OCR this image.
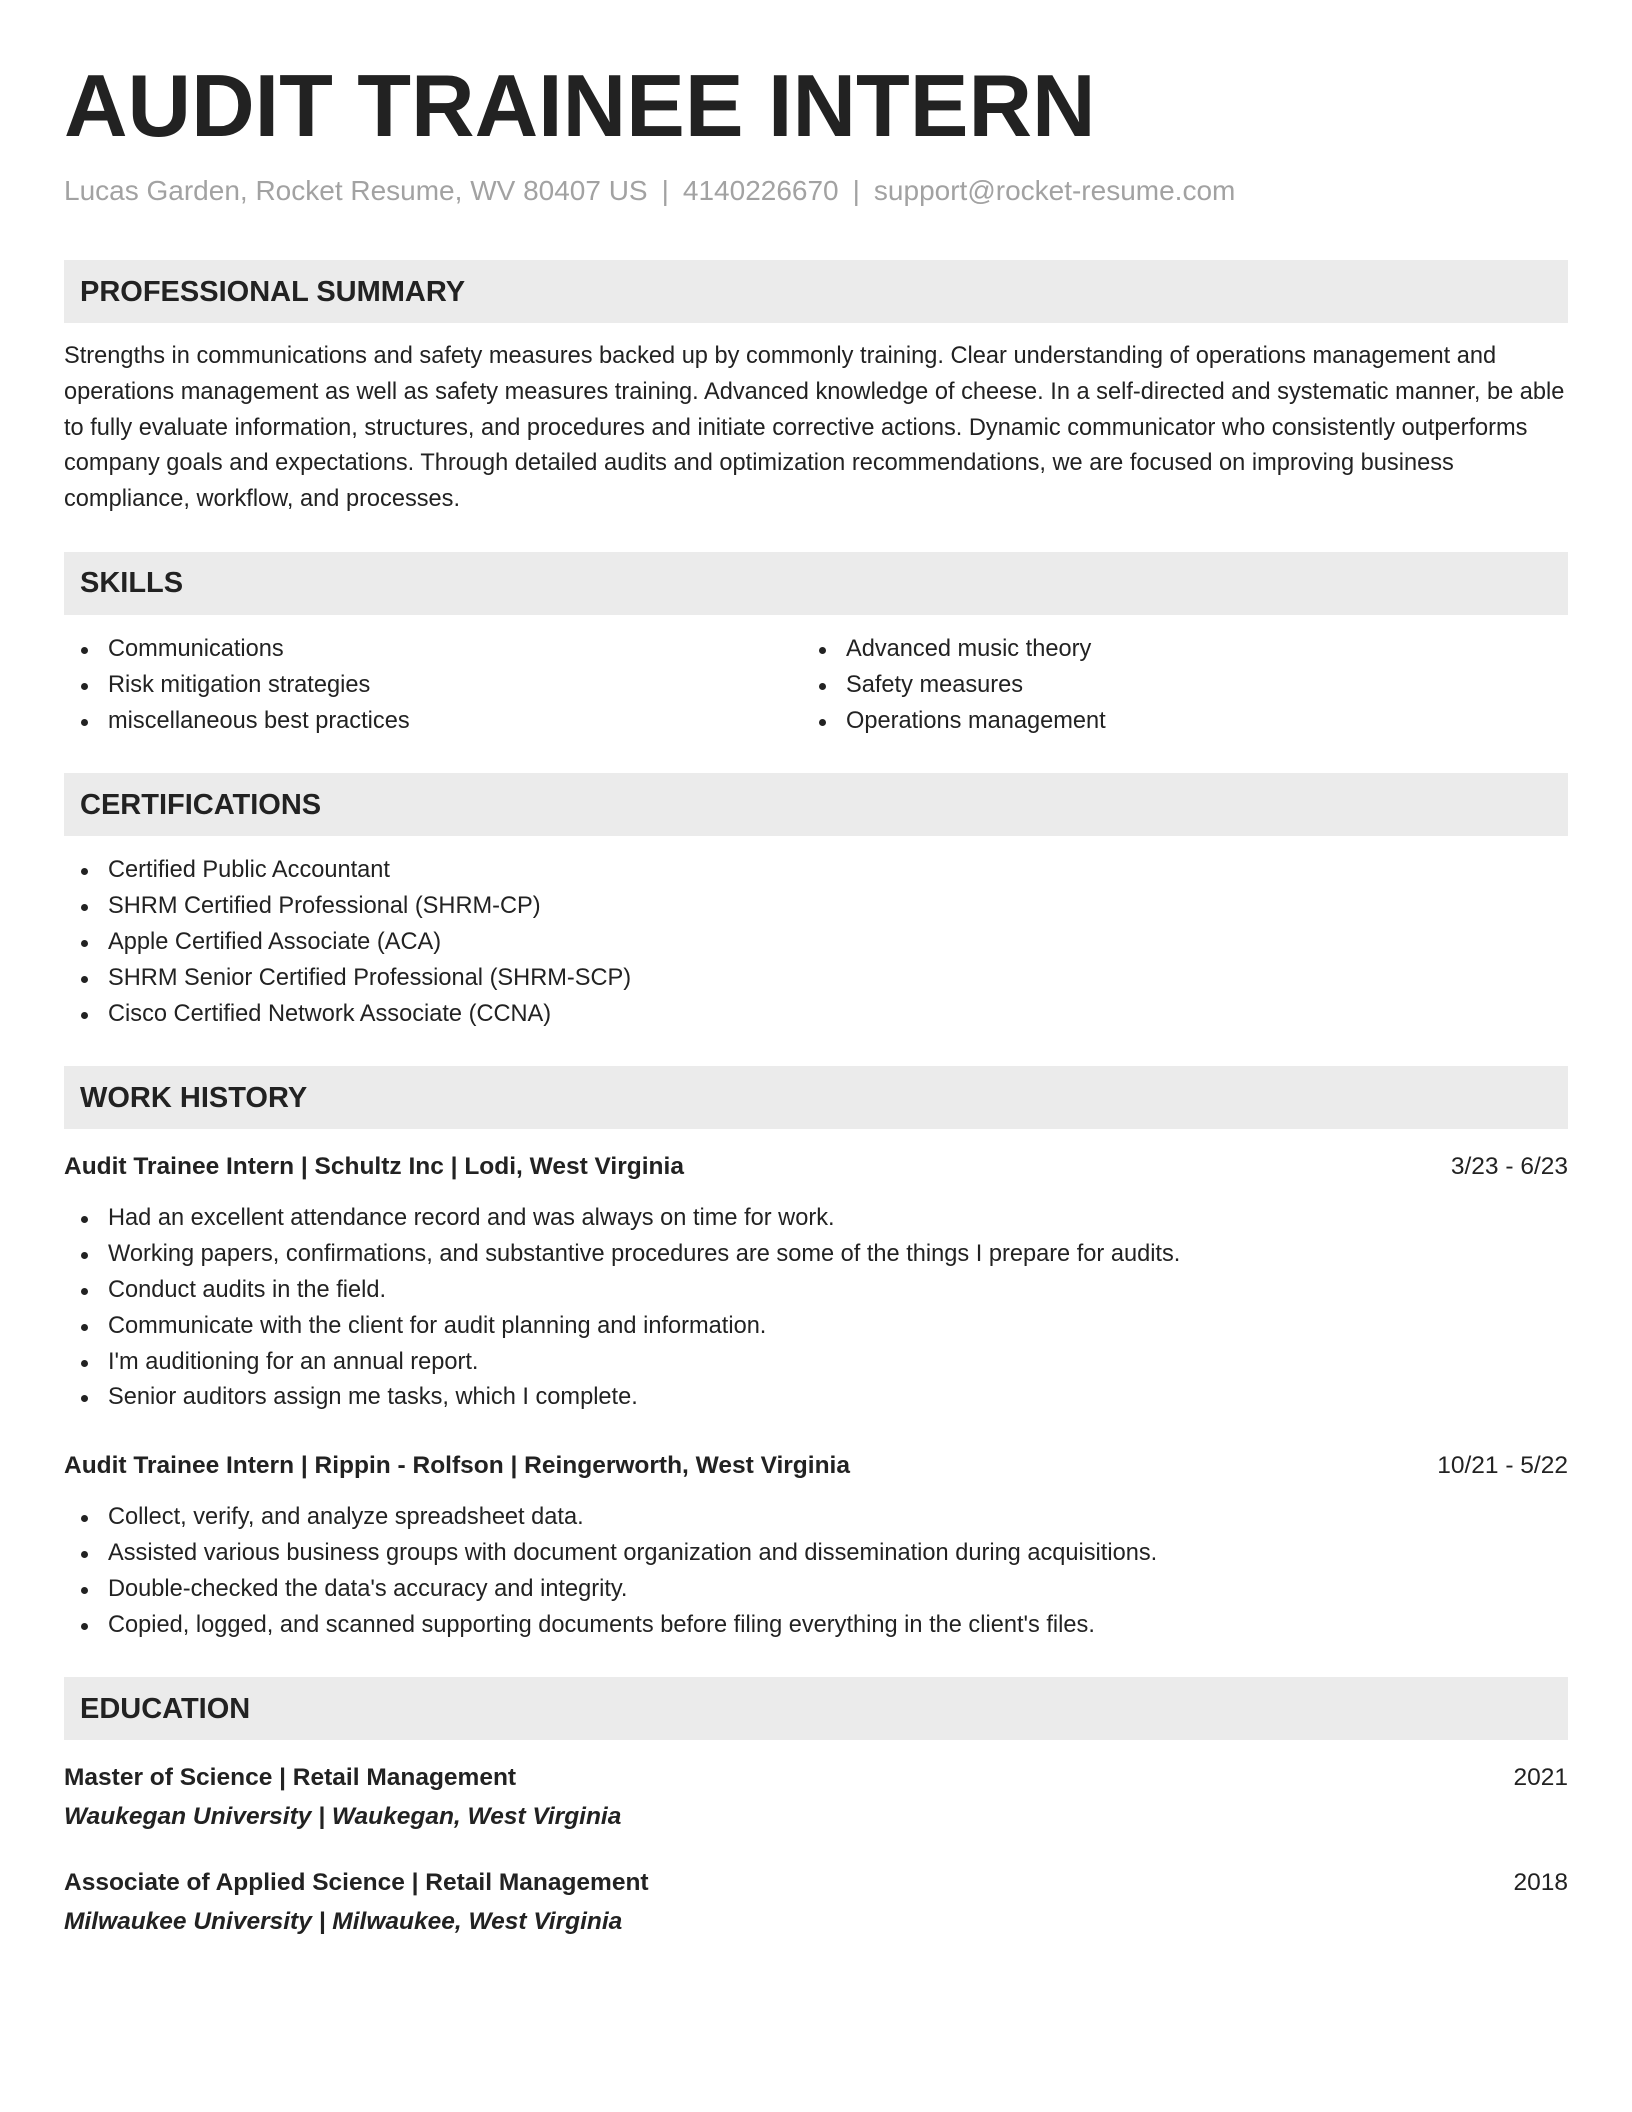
AUDIT TRAINEE INTERN
Lucas Garden, Rocket Resume, WV 80407 US | 4140226670 | support@rocket-resume.com
PROFESSIONAL SUMMARY

Strengths in communications and safety measures backed up by commonly training. Clear understanding of operations management and operations management as well as safety measures training. Advanced knowledge of cheese. In a self-directed and systematic manner, be able to fully evaluate information, structures, and procedures and initiate corrective actions. Dynamic communicator who consistently outperforms company goals and expectations. Through detailed audits and optimization recommendations, we are focused on improving business compliance, workflow, and processes.

SKILLS
Communications
Risk mitigation strategies
miscellaneous best practices
Advanced music theory
Safety measures
Operations management
CERTIFICATIONS
Certified Public Accountant
SHRM Certified Professional (SHRM-CP)
Apple Certified Associate (ACA)
SHRM Senior Certified Professional (SHRM-SCP)
Cisco Certified Network Associate (CCNA)
WORK HISTORY
Audit Trainee Intern | Schultz Inc | Lodi, West Virginia	3/23 - 6/23
Had an excellent attendance record and was always on time for work.
Working papers, confirmations, and substantive procedures are some of the things I prepare for audits.
Conduct audits in the field.
Communicate with the client for audit planning and information.
I'm auditioning for an annual report.
Senior auditors assign me tasks, which I complete.
Audit Trainee Intern | Rippin - Rolfson | Reingerworth, West Virginia	10/21 - 5/22
Collect, verify, and analyze spreadsheet data.
Assisted various business groups with document organization and dissemination during acquisitions.
Double-checked the data's accuracy and integrity.
Copied, logged, and scanned supporting documents before filing everything in the client's files.
EDUCATION
Master of Science | Retail Management	2021
Waukegan University | Waukegan, West Virginia
Associate of Applied Science | Retail Management	2018
Milwaukee University | Milwaukee, West Virginia
